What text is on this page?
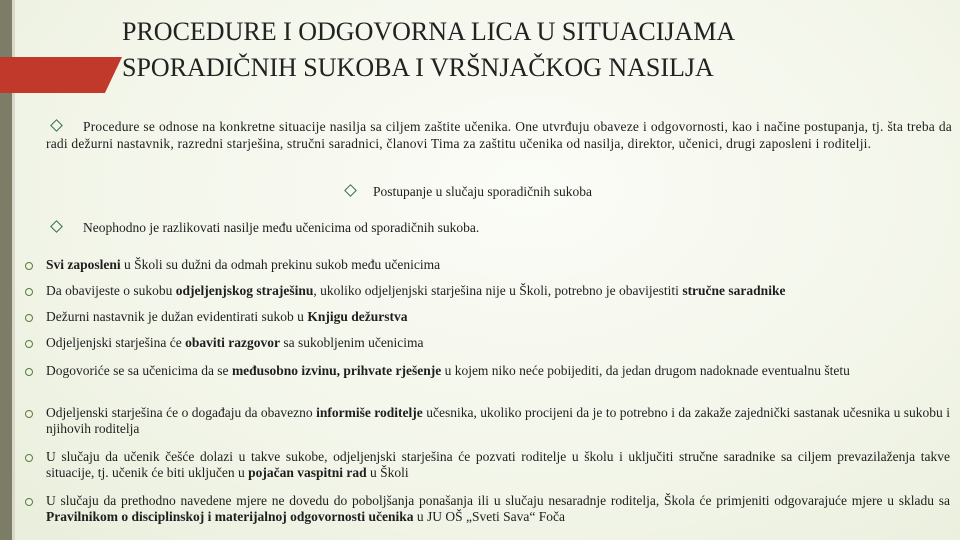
PROCEDURE I ODGOVORNA LICA U SITUACIJAMA
SPORADIČNIH SUKOBA I VRŠNJAČKOG NASILJA
Procedure se odnose na konkretne situacije nasilja sa ciljem zaštite učenika. One utvrđuju obaveze i odgovornosti, kao i načine postupanja, tj. šta treba da radi dežurni nastavnik, razredni starješina, stručni saradnici, članovi Tima za zaštitu učenika od nasilja, direktor, učenici, drugi zaposleni i roditelji.
Postupanje u slučaju sporadičnih sukoba
Neophodno je razlikovati nasilje među učenicima od sporadičnih sukoba.
Svi zaposleni u Školi su dužni da odmah prekinu sukob među učenicima
Da obavijeste o sukobu odjeljenjskog straješinu, ukoliko odjeljenjski starješina nije u Školi, potrebno je obavijestiti stručne saradnike
Dežurni nastavnik je dužan evidentirati sukob u Knjigu dežurstva
Odjeljenjski starješina će obaviti razgovor sa sukobljenim učenicima
Dogovoriće se sa učenicima da se međusobno izvinu, prihvate rješenje u kojem niko neće pobijediti, da jedan drugom nadoknade eventualnu štetu
Odjeljenski starješina će o događaju da obavezno informiše roditelje učesnika, ukoliko procijeni da je to potrebno i da zakaže zajednički sastanak učesnika u sukobu i njihovih roditelja
U slučaju da učenik češće dolazi u takve sukobe, odjeljenjski starješina će pozvati roditelje u školu i uključiti stručne saradnike sa ciljem prevazilaženja takve situacije, tj. učenik će biti uključen u pojačan vaspitni rad u Školi
U slučaju da prethodno navedene mjere ne dovedu do poboljšanja ponašanja ili u slučaju nesaradnje roditelja, Škola će primjeniti odgovarajuće mjere u skladu sa Pravilnikom o disciplinskoj i materijalnoj odgovornosti učenika u JU OŠ „Sveti Sava“ Foča
